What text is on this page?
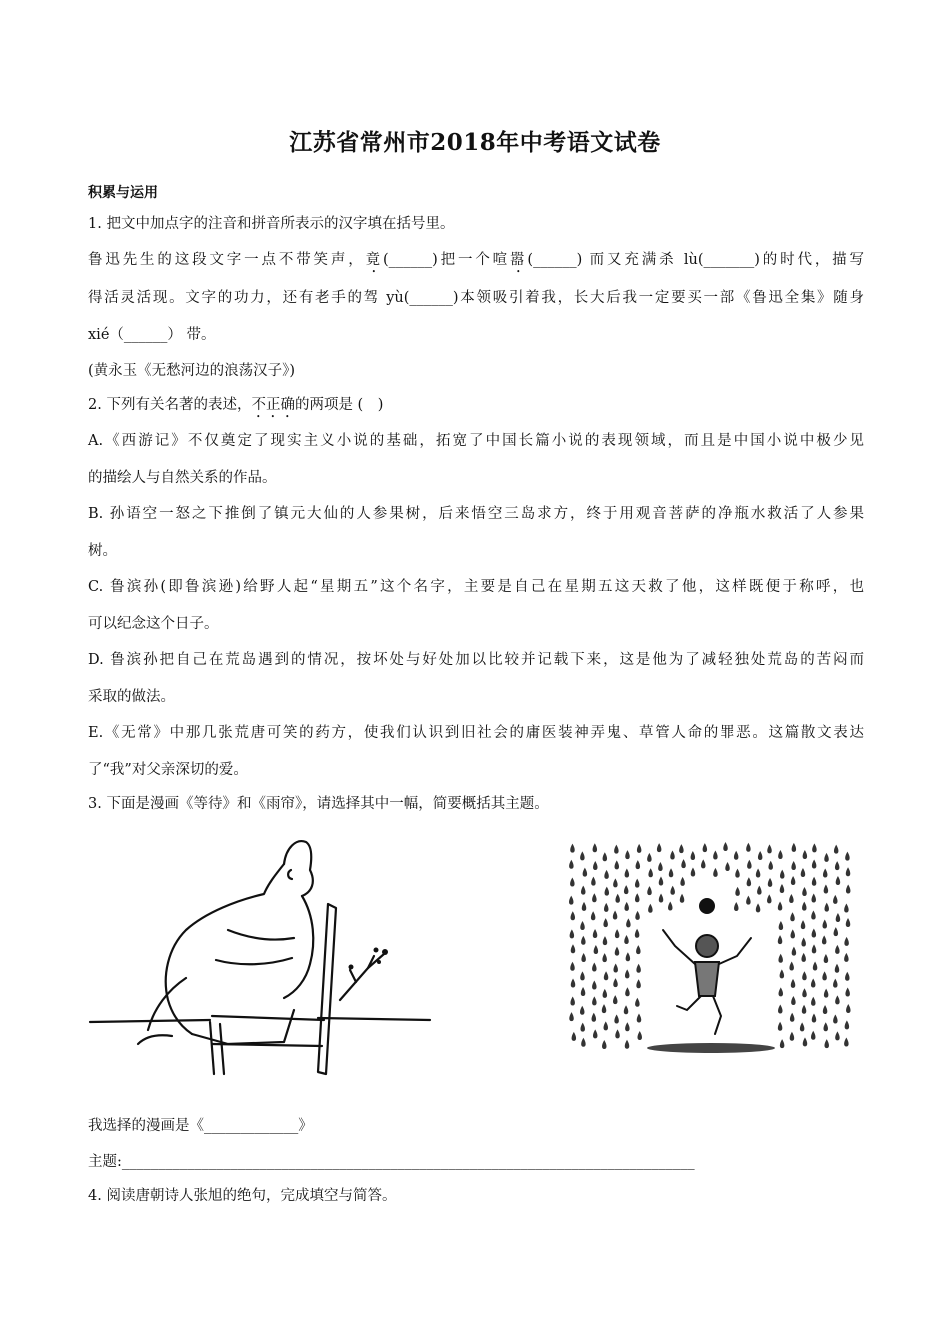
江苏省常州市2018年中考语文试卷
积累与运用
1. 把文中加点字的注音和拼音所表示的汉字填在括号里。
鲁迅先生的这段文字一点不带笑声，竟(______)把一个喧嚣(______) 而又充满杀 lù(_______)的时代，描写
得活灵活现。文字的功力，还有老手的驾 yù(______)本领吸引着我，长大后我一定要买一部《鲁迅全集》随身
xié（______） 带。
(黄永玉《无愁河边的浪荡汉子》)
2. 下列有关名著的表述，不正确的两项是 (　)
A.《西游记》不仅奠定了现实主义小说的基础，拓宽了中国长篇小说的表现领域，而且是中国小说中极少见
的描绘人与自然关系的作品。
B. 孙语空一怒之下推倒了镇元大仙的人参果树，后来悟空三岛求方，终于用观音菩萨的净瓶水救活了人参果
树。
C. 鲁滨孙(即鲁滨逊)给野人起“星期五”这个名字，主要是自己在星期五这天救了他，这样既便于称呼，也
可以纪念这个日子。
D. 鲁滨孙把自己在荒岛遇到的情况，按坏处与好处加以比较并记载下来，这是他为了减轻独处荒岛的苦闷而
采取的做法。
E.《无常》中那几张荒唐可笑的药方，使我们认识到旧社会的庸医装神弄鬼、草管人命的罪恶。这篇散文表达
了“我”对父亲深切的爱。
3. 下面是漫画《等待》和《雨帘》，请选择其中一幅，简要概括其主题。
我选择的漫画是《_____________》
主题:_______________________________________________________________________________
4. 阅读唐朝诗人张旭的绝句，完成填空与简答。
